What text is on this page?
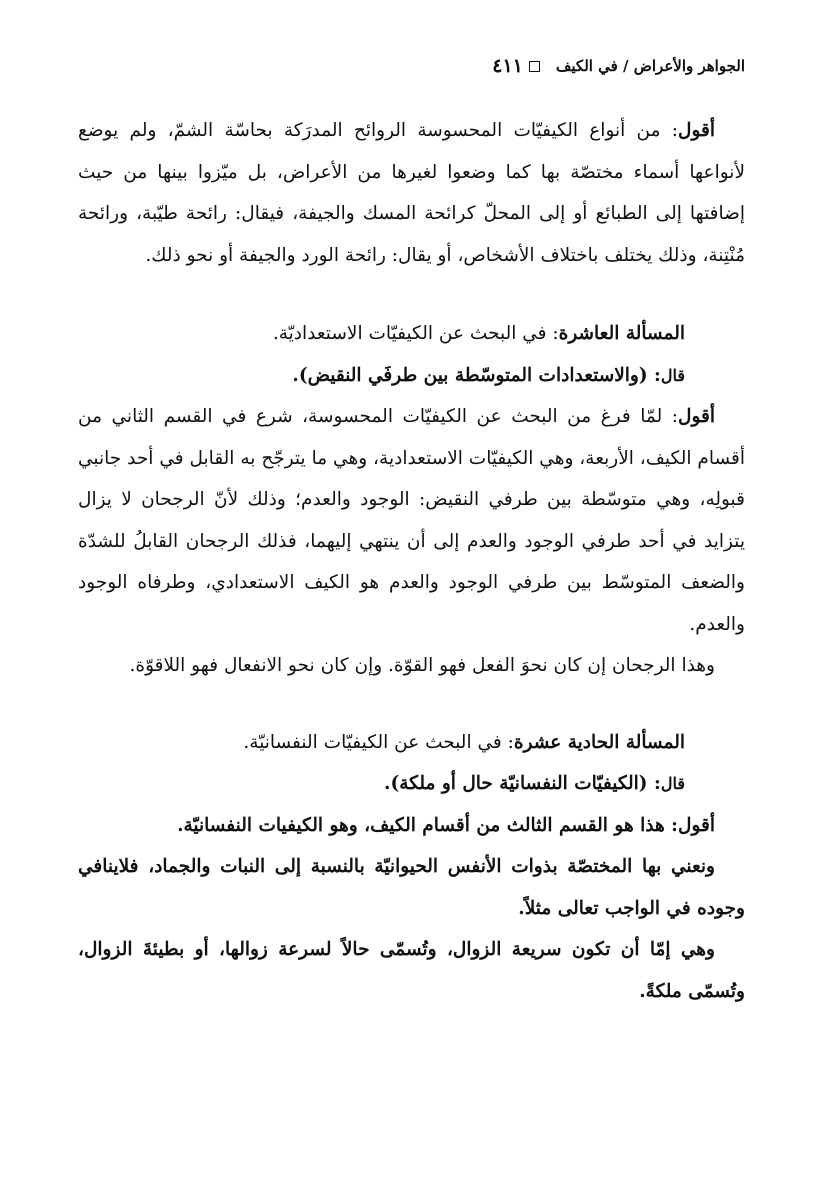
الجواهر والأعراض / في الكيف
٤١١

أقول: من أنواع الكيفيّات المحسوسة الروائح المدرَكة بحاسّة الشمّ، ولم يوضع لأنواعها أسماء مختصّة بها كما وضعوا لغيرها من الأعراض، بل ميّزوا بينها من حيث إضافتها إلى الطبائع أو إلى المحلّ كرائحة المسك والجيفة، فيقال: رائحة طيّبة، ورائحة مُنْتِنة، وذلك يختلف باختلاف الأشخاص، أو يقال: رائحة الورد والجيفة أو نحو ذلك.

المسألة العاشرة: في البحث عن الكيفيّات الاستعداديّة.

قال: (والاستعدادات المتوسّطة بين طرفَي النقيض).

أقول: لمّا فرغ من البحث عن الكيفيّات المحسوسة، شرع في القسم الثاني من أقسام الكيف، الأربعة، وهي الكيفيّات الاستعدادية، وهي ما يترجّح به القابل في أحد جانبي قبولِه، وهي متوسّطة بين طرفي النقيض: الوجود والعدم؛ وذلك لأنّ الرجحان لا يزال يتزايد في أحد طرفي الوجود والعدم إلى أن ينتهي إليهما، فذلك الرجحان القابلُ للشدّة والضعف المتوسّط بين طرفي الوجود والعدم هو الكيف الاستعدادي، وطرفاه الوجود والعدم.

وهذا الرجحان إن كان نحوَ الفعل فهو القوّة. وإن كان نحو الانفعال فهو اللاقوّة.

المسألة الحادية عشرة: في البحث عن الكيفيّات النفسانيّة.

قال: (الكيفيّات النفسانيّة حال أو ملكة).

أقول: هذا هو القسم الثالث من أقسام الكيف، وهو الكيفيات النفسانيّة.

ونعني بها المختصّة بذوات الأنفس الحيوانيّة بالنسبة إلى النبات والجماد، فلاينافي وجوده في الواجب تعالى مثلاً.

وهي إمّا أن تكون سريعة الزوال، وتُسمّى حالاً لسرعة زوالها، أو بطيئةَ الزوال، وتُسمّى ملكةً.
